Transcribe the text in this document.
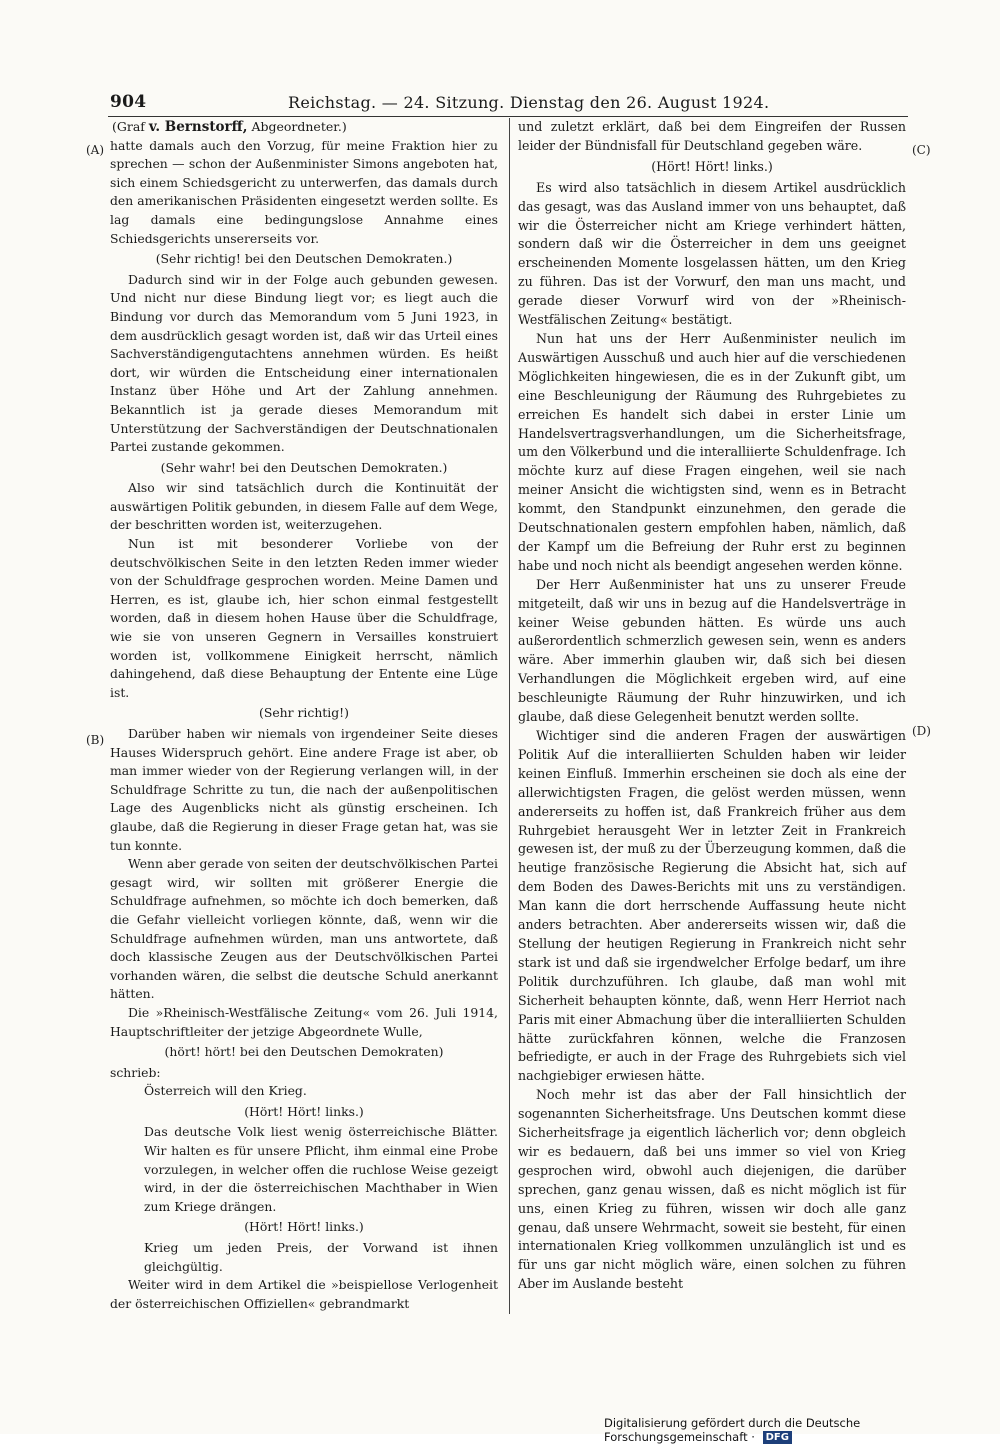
904	Reichstag. — 24. Sitzung. Dienstag den 26. August 1924.
(A)
(B)
(C)
(D)

(Graf v. Bernstorff, Abgeordneter.)

hatte damals auch den Vorzug, für meine Fraktion hier zu sprechen — schon der Außenminister Simons angeboten hat, sich einem Schiedsgericht zu unterwerfen, das damals durch den amerikanischen Präsidenten eingesetzt werden sollte. Es lag damals eine bedingungslose Annahme eines Schiedsgerichts unsererseits vor.

(Sehr richtig! bei den Deutschen Demokraten.)

Dadurch sind wir in der Folge auch gebunden gewesen. Und nicht nur diese Bindung liegt vor; es liegt auch die Bindung vor durch das Memorandum vom 5 Juni 1923, in dem ausdrücklich gesagt worden ist, daß wir das Urteil eines Sachverständigengutachtens annehmen würden. Es heißt dort, wir würden die Entscheidung einer internationalen Instanz über Höhe und Art der Zahlung annehmen. Bekanntlich ist ja gerade dieses Memorandum mit Unterstützung der Sachverständigen der Deutschnationalen Partei zustande gekommen.

(Sehr wahr! bei den Deutschen Demokraten.)

Also wir sind tatsächlich durch die Kontinuität der auswärtigen Politik gebunden, in diesem Falle auf dem Wege, der beschritten worden ist, weiterzugehen.

Nun ist mit besonderer Vorliebe von der deutschvölkischen Seite in den letzten Reden immer wieder von der Schuldfrage gesprochen worden. Meine Damen und Herren, es ist, glaube ich, hier schon einmal festgestellt worden, daß in diesem hohen Hause über die Schuldfrage, wie sie von unseren Gegnern in Versailles konstruiert worden ist, vollkommene Einigkeit herrscht, nämlich dahingehend, daß diese Behauptung der Entente eine Lüge ist.

(Sehr richtig!)

Darüber haben wir niemals von irgendeiner Seite dieses Hauses Widerspruch gehört. Eine andere Frage ist aber, ob man immer wieder von der Regierung verlangen will, in der Schuldfrage Schritte zu tun, die nach der außenpolitischen Lage des Augenblicks nicht als günstig erscheinen. Ich glaube, daß die Regierung in dieser Frage getan hat, was sie tun konnte.

Wenn aber gerade von seiten der deutschvölkischen Partei gesagt wird, wir sollten mit größerer Energie die Schuldfrage aufnehmen, so möchte ich doch bemerken, daß die Gefahr vielleicht vorliegen könnte, daß, wenn wir die Schuldfrage aufnehmen würden, man uns antwortete, daß doch klassische Zeugen aus der Deutschvölkischen Partei vorhanden wären, die selbst die deutsche Schuld anerkannt hätten.

Die »Rheinisch-Westfälische Zeitung« vom 26. Juli 1914, Hauptschriftleiter der jetzige Abgeordnete Wulle,

(hört! hört! bei den Deutschen Demokraten)

schrieb:

Österreich will den Krieg.

(Hört! Hört! links.)

Das deutsche Volk liest wenig österreichische Blätter. Wir halten es für unsere Pflicht, ihm einmal eine Probe vorzulegen, in welcher offen die ruchlose Weise gezeigt wird, in der die österreichischen Machthaber in Wien zum Kriege drängen.

(Hört! Hört! links.)

Krieg um jeden Preis, der Vorwand ist ihnen gleichgültig.

Weiter wird in dem Artikel die »beispiellose Verlogenheit der österreichischen Offiziellen« gebrandmarkt

und zuletzt erklärt, daß bei dem Eingreifen der Russen leider der Bündnisfall für Deutschland gegeben wäre.

(Hört! Hört! links.)

Es wird also tatsächlich in diesem Artikel ausdrücklich das gesagt, was das Ausland immer von uns behauptet, daß wir die Österreicher nicht am Kriege verhindert hätten, sondern daß wir die Österreicher in dem uns geeignet erscheinenden Momente losgelassen hätten, um den Krieg zu führen. Das ist der Vorwurf, den man uns macht, und gerade dieser Vorwurf wird von der »Rheinisch-Westfälischen Zeitung« bestätigt.

Nun hat uns der Herr Außenminister neulich im Auswärtigen Ausschuß und auch hier auf die verschiedenen Möglichkeiten hingewiesen, die es in der Zukunft gibt, um eine Beschleunigung der Räumung des Ruhrgebietes zu erreichen Es handelt sich dabei in erster Linie um Handelsvertragsverhandlungen, um die Sicherheitsfrage, um den Völkerbund und die interalliierte Schuldenfrage. Ich möchte kurz auf diese Fragen eingehen, weil sie nach meiner Ansicht die wichtigsten sind, wenn es in Betracht kommt, den Standpunkt einzunehmen, den gerade die Deutschnationalen gestern empfohlen haben, nämlich, daß der Kampf um die Befreiung der Ruhr erst zu beginnen habe und noch nicht als beendigt angesehen werden könne.

Der Herr Außenminister hat uns zu unserer Freude mitgeteilt, daß wir uns in bezug auf die Handelsverträge in keiner Weise gebunden hätten. Es würde uns auch außerordentlich schmerzlich gewesen sein, wenn es anders wäre. Aber immerhin glauben wir, daß sich bei diesen Verhandlungen die Möglichkeit ergeben wird, auf eine beschleunigte Räumung der Ruhr hinzuwirken, und ich glaube, daß diese Gelegenheit benutzt werden sollte.

Wichtiger sind die anderen Fragen der auswärtigen Politik Auf die interalliierten Schulden haben wir leider keinen Einfluß. Immerhin erscheinen sie doch als eine der allerwichtigsten Fragen, die gelöst werden müssen, wenn andererseits zu hoffen ist, daß Frankreich früher aus dem Ruhrgebiet herausgeht Wer in letzter Zeit in Frankreich gewesen ist, der muß zu der Überzeugung kommen, daß die heutige französische Regierung die Absicht hat, sich auf dem Boden des Dawes-Berichts mit uns zu verständigen. Man kann die dort herrschende Auffassung heute nicht anders betrachten. Aber andererseits wissen wir, daß die Stellung der heutigen Regierung in Frankreich nicht sehr stark ist und daß sie irgendwelcher Erfolge bedarf, um ihre Politik durchzuführen. Ich glaube, daß man wohl mit Sicherheit behaupten könnte, daß, wenn Herr Herriot nach Paris mit einer Abmachung über die interalliierten Schulden hätte zurückfahren können, welche die Franzosen befriedigte, er auch in der Frage des Ruhrgebiets sich viel nachgiebiger erwiesen hätte.

Noch mehr ist das aber der Fall hinsichtlich der sogenannten Sicherheitsfrage. Uns Deutschen kommt diese Sicherheitsfrage ja eigentlich lächerlich vor; denn obgleich wir es bedauern, daß bei uns immer so viel von Krieg gesprochen wird, obwohl auch diejenigen, die darüber sprechen, ganz genau wissen, daß es nicht möglich ist für uns, einen Krieg zu führen, wissen wir doch alle ganz genau, daß unsere Wehrmacht, soweit sie besteht, für einen internationalen Krieg vollkommen unzulänglich ist und es für uns gar nicht möglich wäre, einen solchen zu führen Aber im Auslande besteht

Digitalisierung gefördert durch die Deutsche Forschungsgemeinschaft · DFG
